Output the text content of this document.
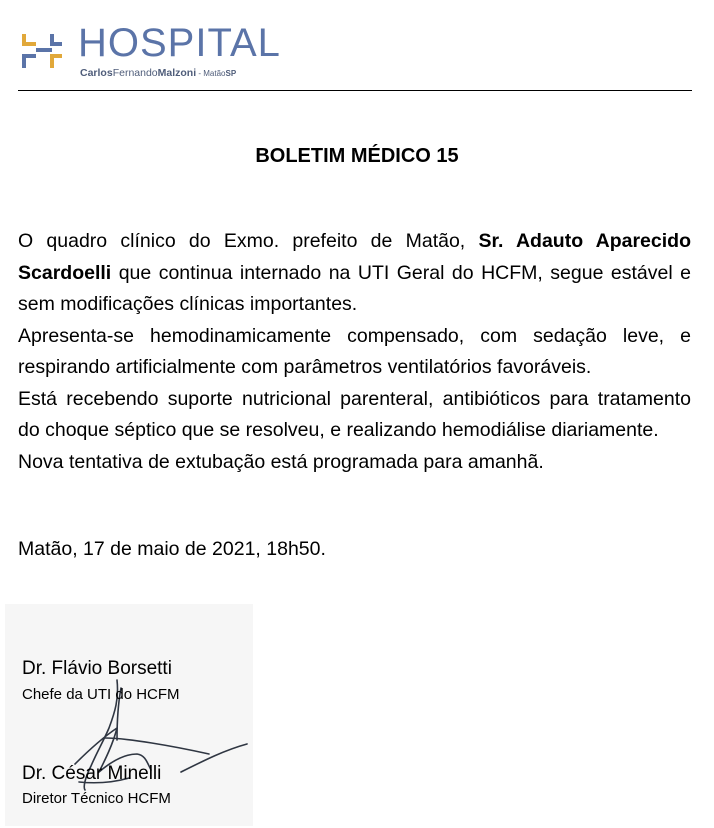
HOSPITAL
CarlosFernandoMalzoni - MatãoSP
BOLETIM MÉDICO 15

O quadro clínico do Exmo. prefeito de Matão, Sr. Adauto Aparecido Scardoelli que continua internado na UTI Geral do HCFM, segue estável e sem modificações clínicas importantes.

Apresenta-se hemodinamicamente compensado, com sedação leve, e respirando artificialmente com parâmetros ventilatórios favoráveis.

Está recebendo suporte nutricional parenteral, antibióticos para tratamento do choque séptico que se resolveu, e realizando hemodiálise diariamente.

Nova tentativa de extubação está programada para amanhã.

Matão, 17 de maio de 2021, 18h50.
Dr. Flávio Borsetti
Chefe da UTI do HCFM
Dr. César Minelli
Diretor Técnico HCFM
